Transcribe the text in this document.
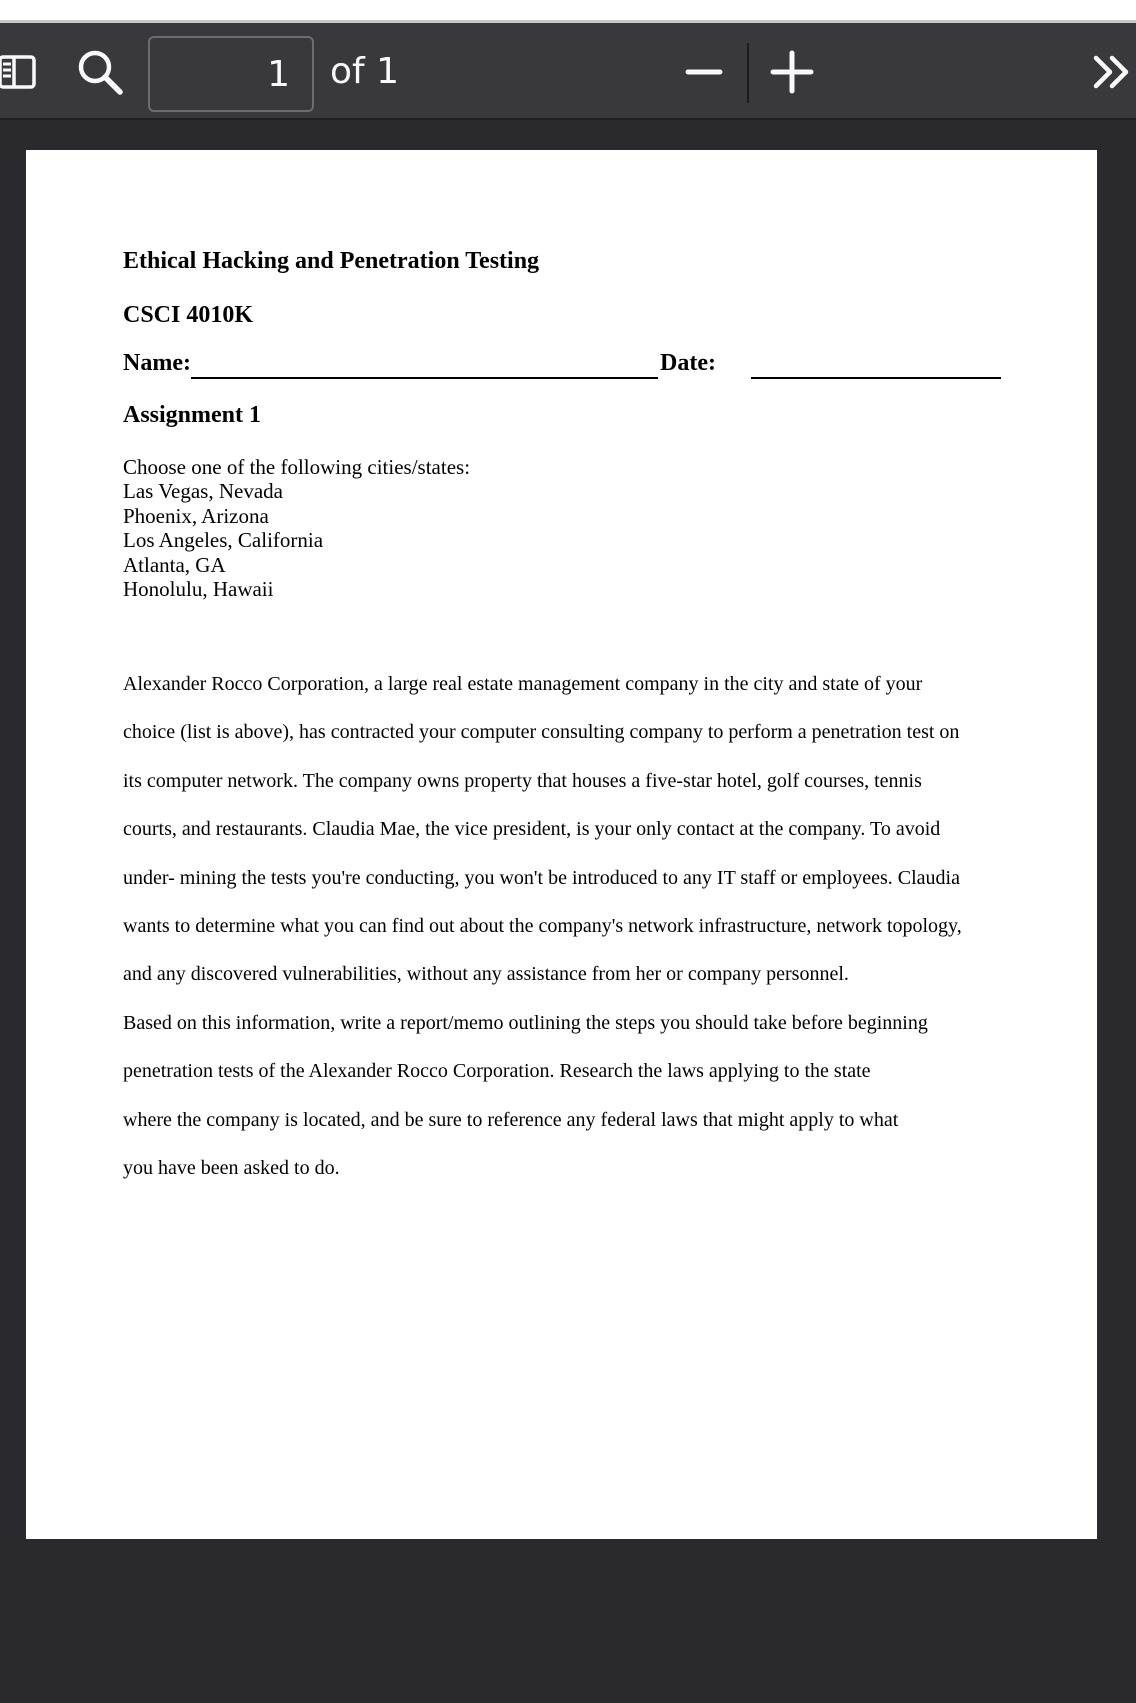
1
of 1
Ethical Hacking and Penetration Testing
CSCI 4010K
Name:	Date:
Assignment 1
Choose one of the following cities/states:
Las Vegas, Nevada
Phoenix, Arizona
Los Angeles, California
Atlanta, GA
Honolulu, Hawaii
Alexander Rocco Corporation, a large real estate management company in the city and state of your
choice (list is above), has contracted your computer consulting company to perform a penetration test on
its computer network. The company owns property that houses a five-star hotel, golf courses, tennis
courts, and restaurants. Claudia Mae, the vice president, is your only contact at the company. To avoid
under- mining the tests you're conducting, you won't be introduced to any IT staff or employees. Claudia
wants to determine what you can find out about the company's network infrastructure, network topology,
and any discovered vulnerabilities, without any assistance from her or company personnel.
Based on this information, write a report/memo outlining the steps you should take before beginning
penetration tests of the Alexander Rocco Corporation. Research the laws applying to the state
where the company is located, and be sure to reference any federal laws that might apply to what
you have been asked to do.
